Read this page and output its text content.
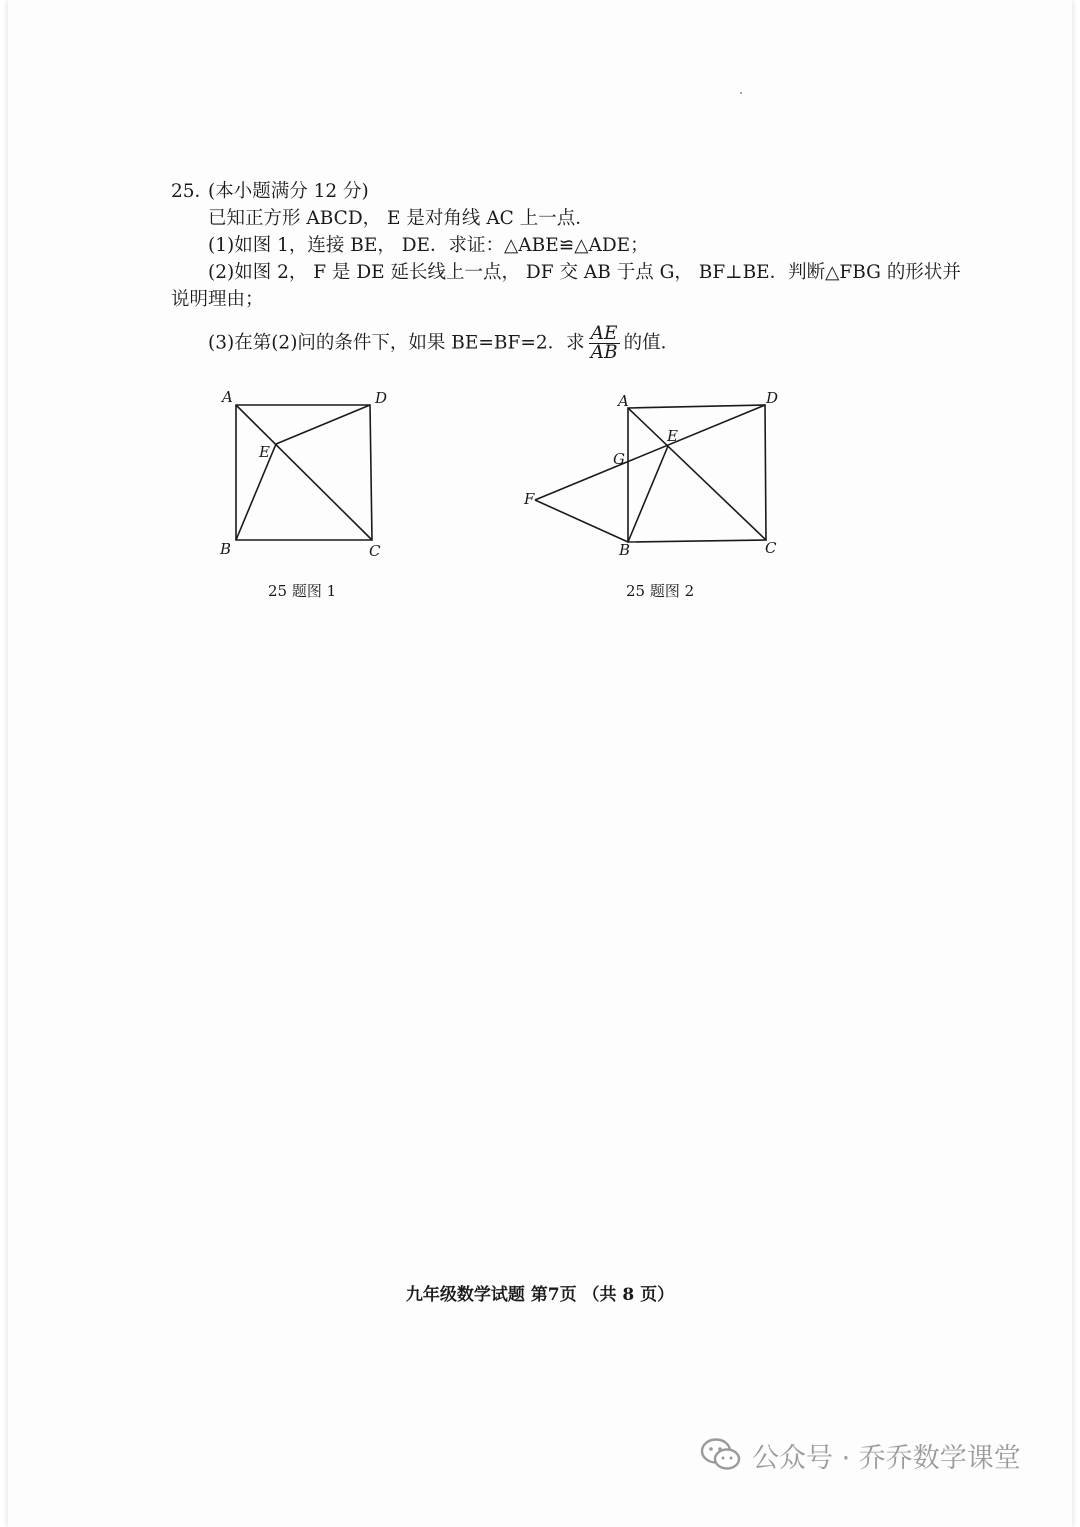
25．(本小题满分 12 分)
已知正方形 ABCD， E 是对角线 AC 上一点．
(1)如图 1，连接 BE， DE．求证：△ABE≌△ADE；
(2)如图 2， F 是 DE 延长线上一点， DF 交 AB 于点 G， BF⊥BE．判断△FBG 的形状并
说明理由；
(3)在第(2)问的条件下，如果 BE=BF=2．求 $\frac{AE}{AB}$ 的值．
A	D
E
B	C
25 题图 1
A	D
E
G
F
B	C
25 题图 2
九年级数学试题 第7页 （共 8 页）
公众号 · 乔乔数学课堂
